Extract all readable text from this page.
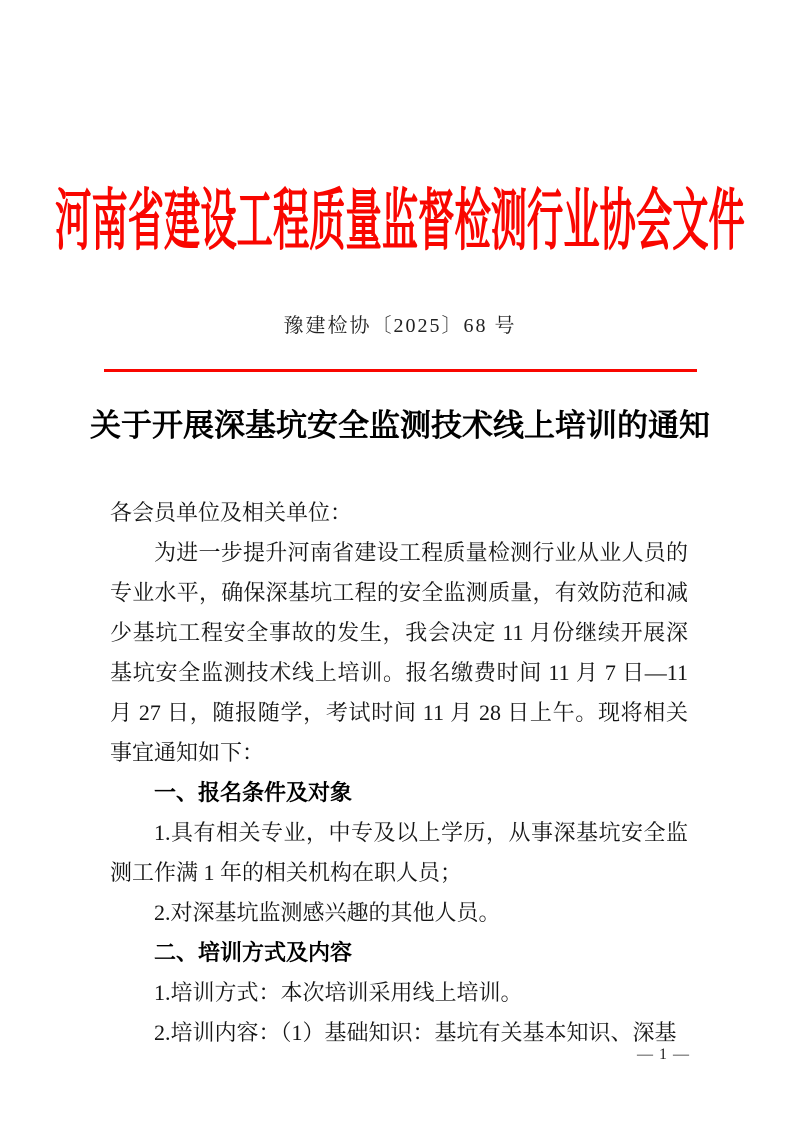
河南省建设工程质量监督检测行业协会文件
豫建检协〔2025〕68 号
关于开展深基坑安全监测技术线上培训的通知

各会员单位及相关单位：

为进一步提升河南省建设工程质量检测行业从业人员的专业水平，确保深基坑工程的安全监测质量，有效防范和减少基坑工程安全事故的发生，我会决定 11 月份继续开展深基坑安全监测技术线上培训。报名缴费时间 11 月 7 日—11 月 27 日，随报随学，考试时间 11 月 28 日上午。现将相关事宜通知如下：

一、报名条件及对象

1.具有相关专业，中专及以上学历，从事深基坑安全监测工作满 1 年的相关机构在职人员；

2.对深基坑监测感兴趣的其他人员。

二、培训方式及内容

1.培训方式：本次培训采用线上培训。

2.培训内容：（1）基础知识：基坑有关基本知识、深基

— 1 —
